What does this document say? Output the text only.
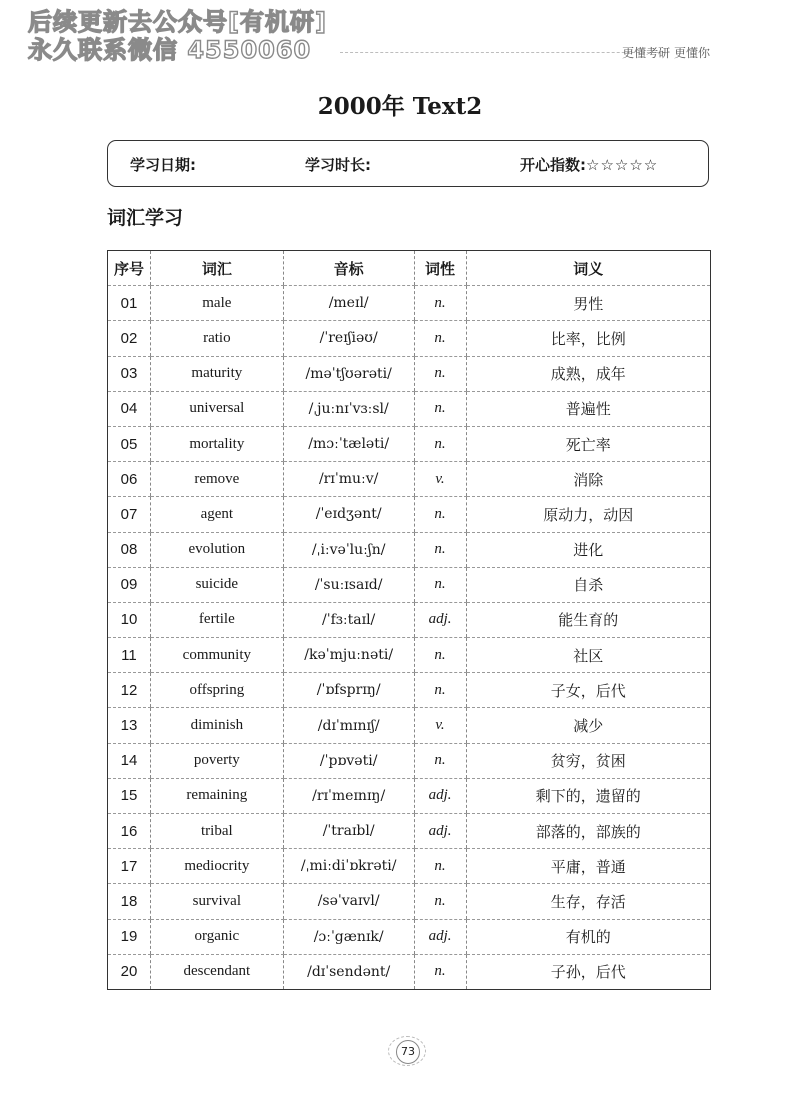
后续更新去公众号[有机研]
永久联系微信 4550060	更懂考研 更懂你
2000年 Text2
学习日期:	学习时长:	开心指数:☆☆☆☆☆
词汇学习
序号	词汇	音标	词性	词义
01	male	/meɪl/	n.	男性
02	ratio	/ˈreɪʃiəʊ/	n.	比率，比例
03	maturity	/məˈtʃʊərəti/	n.	成熟，成年
04	universal	/ˌjuːnɪˈvɜːsl/	n.	普遍性
05	mortality	/mɔːˈtæləti/	n.	死亡率
06	remove	/rɪˈmuːv/	v.	消除
07	agent	/ˈeɪdʒənt/	n.	原动力，动因
08	evolution	/ˌiːvəˈluːʃn/	n.	进化
09	suicide	/ˈsuːɪsaɪd/	n.	自杀
10	fertile	/ˈfɜːtaɪl/	adj.	能生育的
11	community	/kəˈmjuːnəti/	n.	社区
12	offspring	/ˈɒfsprɪŋ/	n.	子女，后代
13	diminish	/dɪˈmɪnɪʃ/	v.	减少
14	poverty	/ˈpɒvəti/	n.	贫穷，贫困
15	remaining	/rɪˈmeɪnɪŋ/	adj.	剩下的，遗留的
16	tribal	/ˈtraɪbl/	adj.	部落的，部族的
17	mediocrity	/ˌmiːdiˈɒkrəti/	n.	平庸，普通
18	survival	/səˈvaɪvl/	n.	生存，存活
19	organic	/ɔːˈgænɪk/	adj.	有机的
20	descendant	/dɪˈsendənt/	n.	子孙，后代
73
